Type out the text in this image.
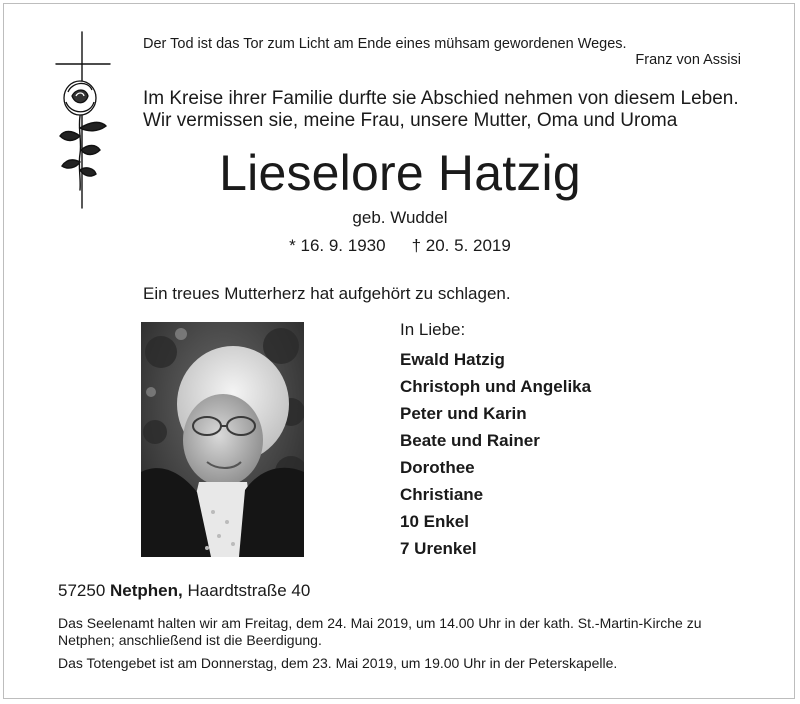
Der Tod ist das Tor zum Licht am Ende eines mühsam gewordenen Weges.
Franz von Assisi
Im Kreise ihrer Familie durfte sie Abschied nehmen von diesem Leben.
Wir vermissen sie, meine Frau, unsere Mutter, Oma und Uroma
Lieselore Hatzig
geb. Wuddel
* 16. 9. 1930 † 20. 5. 2019
Ein treues Mutterherz hat aufgehört zu schlagen.
In Liebe:
Ewald Hatzig
Christoph und Angelika
Peter und Karin
Beate und Rainer
Dorothee
Christiane
10 Enkel
7 Urenkel
57250 Netphen, Haardtstraße 40
Das Seelenamt halten wir am Freitag, dem 24. Mai 2019, um 14.00 Uhr in der kath. St.-Martin-Kirche zu Netphen; anschließend ist die Beerdigung.
Das Totengebet ist am Donnerstag, dem 23. Mai 2019, um 19.00 Uhr in der Peterskapelle.
